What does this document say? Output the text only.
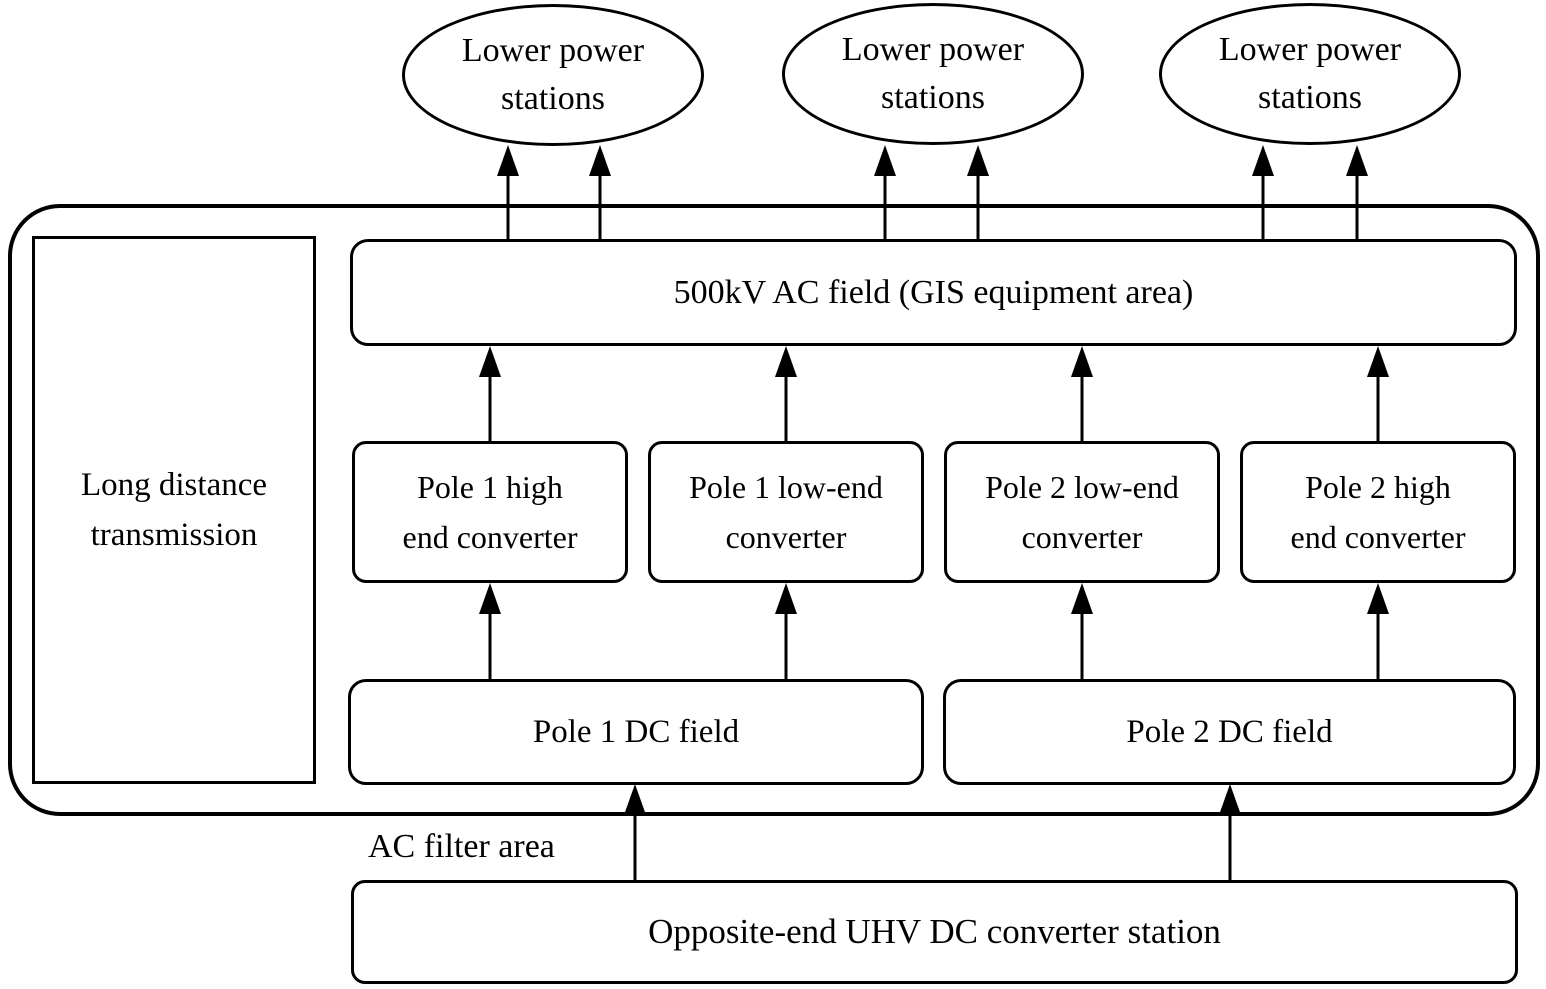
Lower power
stations
Lower power
stations
Lower power
stations
Long distance
transmission
500kV AC field (GIS equipment area)
Pole 1 high
end converter
Pole 1 low-end
converter
Pole 2 low-end
converter
Pole 2 high
end converter
Pole 1 DC field	Pole 2 DC field
AC filter area
Opposite-end UHV DC converter station
